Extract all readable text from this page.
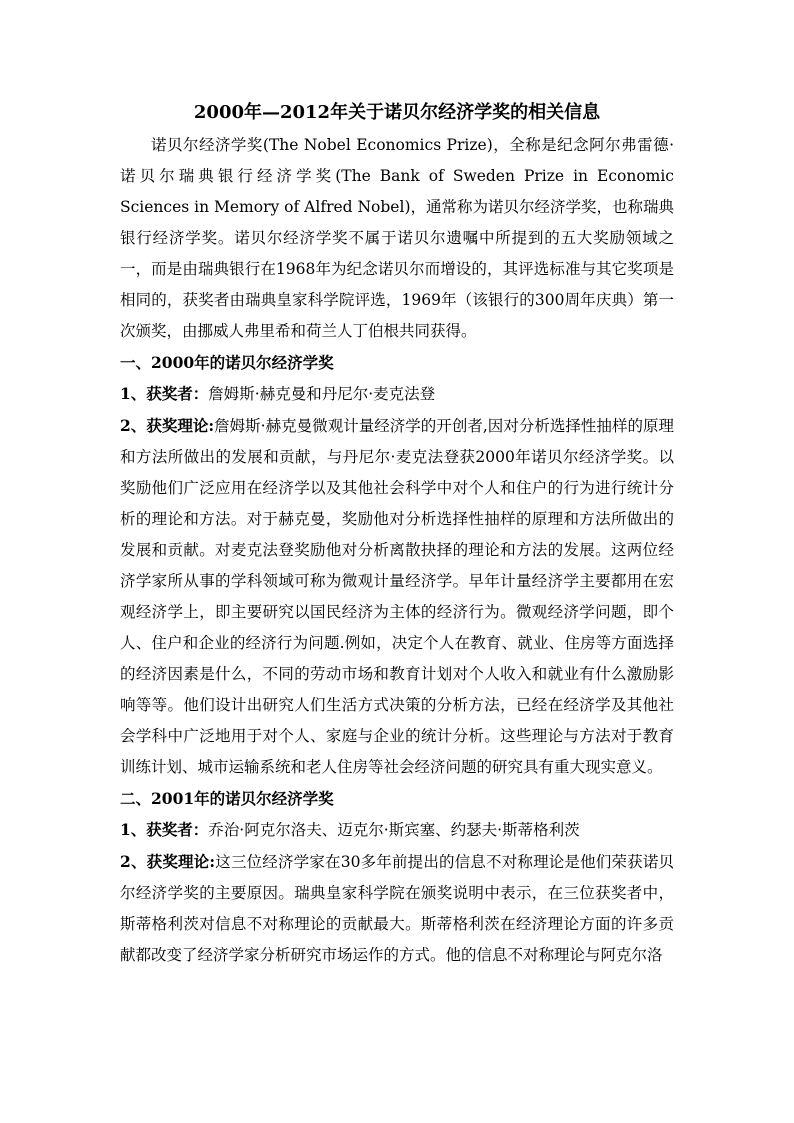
2000年—2012年关于诺贝尔经济学奖的相关信息

诺贝尔经济学奖(The Nobel Economics Prize)，全称是纪念阿尔弗雷德·诺贝尔瑞典银行经济学奖(The Bank of Sweden Prize in Economic Sciences in Memory of Alfred Nobel)，通常称为诺贝尔经济学奖，也称瑞典银行经济学奖。诺贝尔经济学奖不属于诺贝尔遗嘱中所提到的五大奖励领域之一，而是由瑞典银行在1968年为纪念诺贝尔而增设的，其评选标准与其它奖项是相同的，获奖者由瑞典皇家科学院评选，1969年（该银行的300周年庆典）第一次颁奖，由挪威人弗里希和荷兰人丁伯根共同获得。

一、2000年的诺贝尔经济学奖

1、获奖者：詹姆斯·赫克曼和丹尼尔·麦克法登

2、获奖理论:詹姆斯·赫克曼微观计量经济学的开创者,因对分析选择性抽样的原理和方法所做出的发展和贡献，与丹尼尔·麦克法登获2000年诺贝尔经济学奖。以奖励他们广泛应用在经济学以及其他社会科学中对个人和住户的行为进行统计分析的理论和方法。对于赫克曼，奖励他对分析选择性抽样的原理和方法所做出的发展和贡献。对麦克法登奖励他对分析离散抉择的理论和方法的发展。这两位经济学家所从事的学科领域可称为微观计量经济学。早年计量经济学主要都用在宏观经济学上，即主要研究以国民经济为主体的经济行为。微观经济学问题，即个人、住户和企业的经济行为问题.例如，决定个人在教育、就业、住房等方面选择的经济因素是什么，不同的劳动市场和教育计划对个人收入和就业有什么激励影响等等。他们设计出研究人们生活方式决策的分析方法，已经在经济学及其他社会学科中广泛地用于对个人、家庭与企业的统计分析。这些理论与方法对于教育训练计划、城市运输系统和老人住房等社会经济问题的研究具有重大现实意义。

二、2001年的诺贝尔经济学奖

1、获奖者：乔治·阿克尔洛夫、迈克尔·斯宾塞、约瑟夫·斯蒂格利茨

2、获奖理论:这三位经济学家在30多年前提出的信息不对称理论是他们荣获诺贝尔经济学奖的主要原因。瑞典皇家科学院在颁奖说明中表示，在三位获奖者中，斯蒂格利茨对信息不对称理论的贡献最大。斯蒂格利茨在经济理论方面的许多贡献都改变了经济学家分析研究市场运作的方式。他的信息不对称理论与阿克尔洛
